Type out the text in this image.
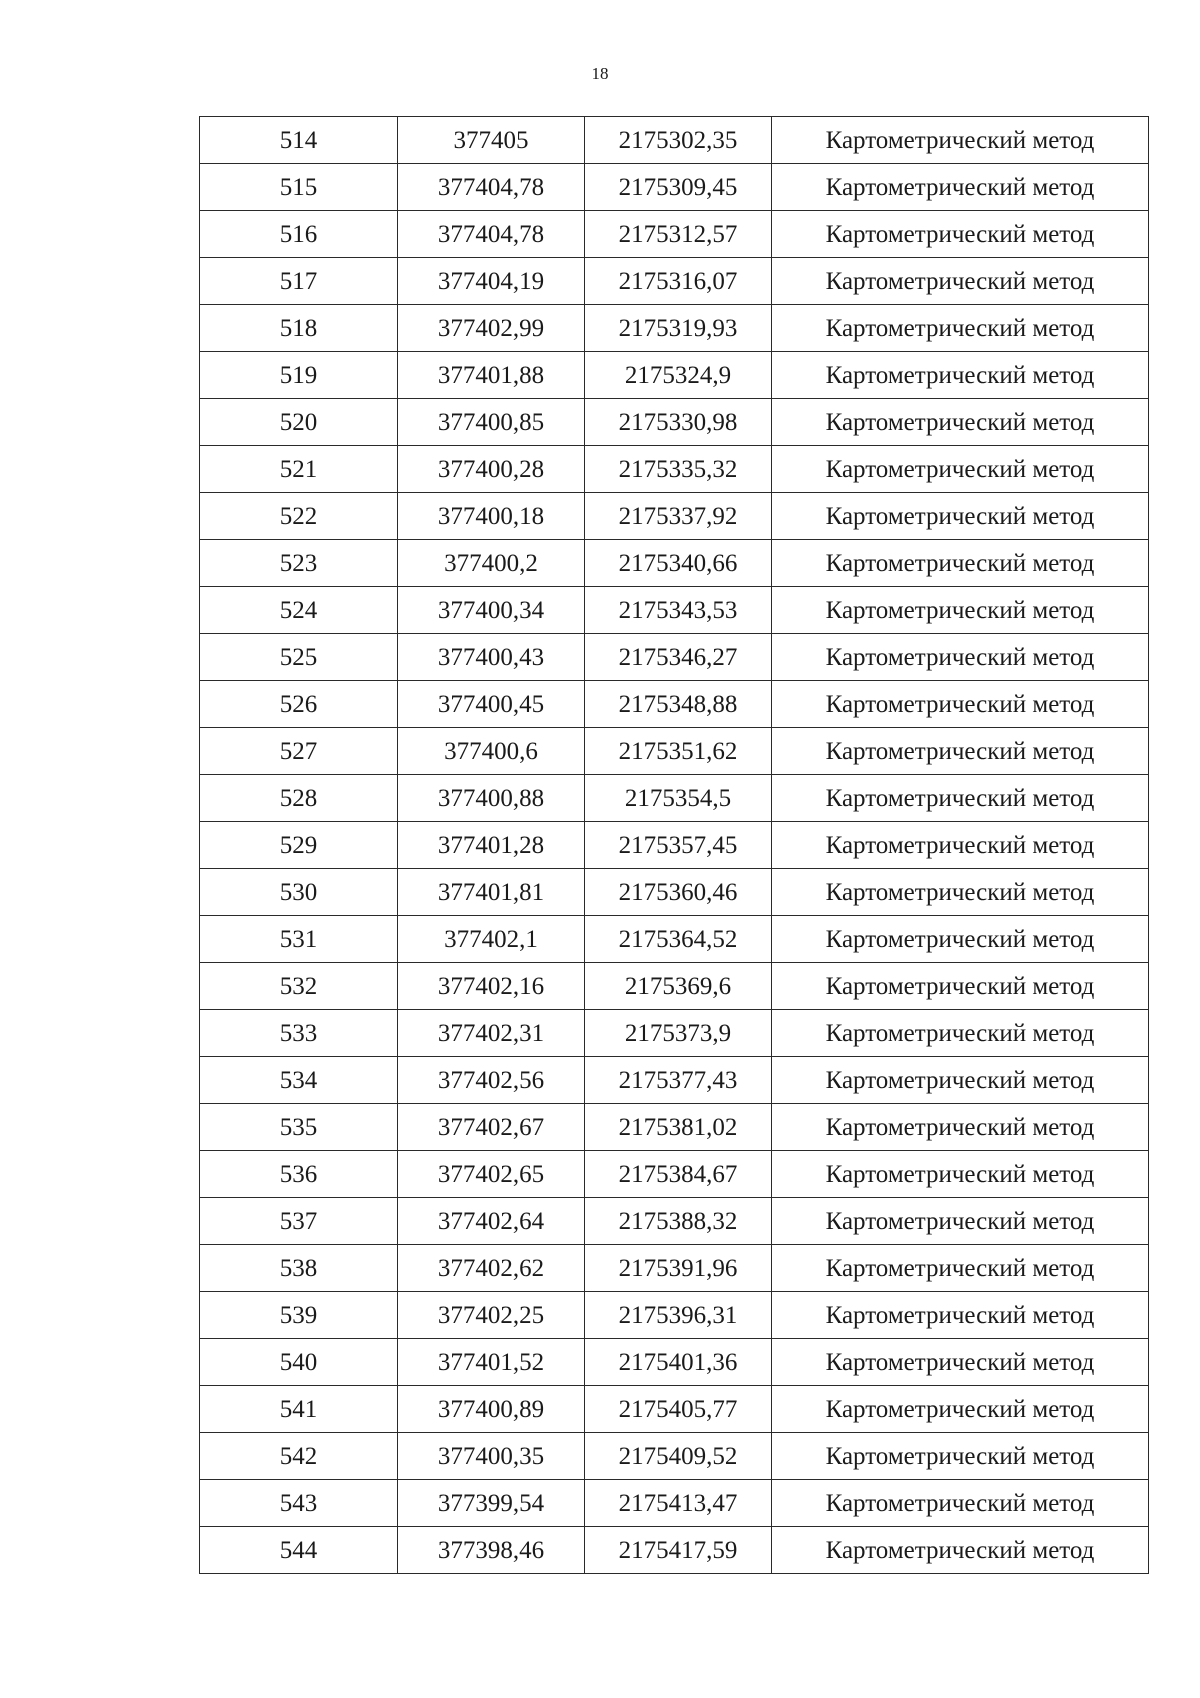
18
514	377405	2175302,35	Картометрический метод
515	377404,78	2175309,45	Картометрический метод
516	377404,78	2175312,57	Картометрический метод
517	377404,19	2175316,07	Картометрический метод
518	377402,99	2175319,93	Картометрический метод
519	377401,88	2175324,9	Картометрический метод
520	377400,85	2175330,98	Картометрический метод
521	377400,28	2175335,32	Картометрический метод
522	377400,18	2175337,92	Картометрический метод
523	377400,2	2175340,66	Картометрический метод
524	377400,34	2175343,53	Картометрический метод
525	377400,43	2175346,27	Картометрический метод
526	377400,45	2175348,88	Картометрический метод
527	377400,6	2175351,62	Картометрический метод
528	377400,88	2175354,5	Картометрический метод
529	377401,28	2175357,45	Картометрический метод
530	377401,81	2175360,46	Картометрический метод
531	377402,1	2175364,52	Картометрический метод
532	377402,16	2175369,6	Картометрический метод
533	377402,31	2175373,9	Картометрический метод
534	377402,56	2175377,43	Картометрический метод
535	377402,67	2175381,02	Картометрический метод
536	377402,65	2175384,67	Картометрический метод
537	377402,64	2175388,32	Картометрический метод
538	377402,62	2175391,96	Картометрический метод
539	377402,25	2175396,31	Картометрический метод
540	377401,52	2175401,36	Картометрический метод
541	377400,89	2175405,77	Картометрический метод
542	377400,35	2175409,52	Картометрический метод
543	377399,54	2175413,47	Картометрический метод
544	377398,46	2175417,59	Картометрический метод
